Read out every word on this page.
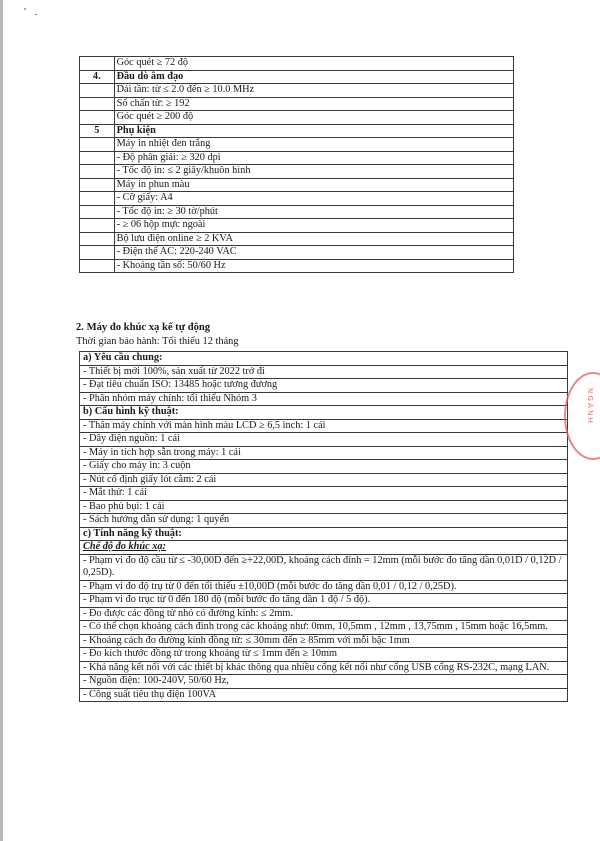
' .
	Góc quét ≥ 72 độ
4.	Đầu dò âm đạo
	Dải tần: từ ≤ 2.0 đến ≥ 10.0 MHz
	Số chấn tử: ≥ 192
	Góc quét ≥ 200 độ
5	Phụ kiện
	Máy in nhiệt đen trắng
	- Độ phân giải: ≥ 320 dpi
	- Tốc độ in: ≤ 2 giây/khuôn hình
	Máy in phun màu
	- Cỡ giấy: A4
	- Tốc độ in: ≥ 30 tờ/phút
	- ≥ 06 hộp mực ngoài
	Bộ lưu điện online ≥ 2 KVA
	- Điện thế AC: 220-240 VAC
	- Khoảng tần số: 50/60 Hz
2. Máy đo khúc xạ kế tự động
Thời gian bảo hành: Tối thiểu 12 tháng
a) Yêu cầu chung:
- Thiết bị mới 100%, sản xuất từ 2022 trở đi
- Đạt tiêu chuẩn ISO: 13485 hoặc tương đương
- Phân nhóm máy chính: tối thiểu Nhóm 3
b) Cấu hình kỹ thuật:
- Thân máy chính với màn hình màu LCD ≥ 6,5 inch: 1 cái
- Dây điện nguồn: 1 cái
- Máy in tích hợp sẵn trong máy: 1 cái
- Giấy cho máy in: 3 cuộn
- Nút cố định giấy lót cằm: 2 cái
- Mắt thử: 1 cái
- Bao phủ bụi: 1 cái
- Sách hướng dẫn sử dụng: 1 quyển
c) Tính năng kỹ thuật:
Chế độ đo khúc xạ:
- Phạm vi đo độ cầu từ ≤ -30,00D đến ≥+22,00D, khoảng cách đỉnh = 12mm (mỗi bước đo tăng dần 0,01D / 0,12D / 0,25D).
- Phạm vi đo độ trụ từ 0 đến tối thiểu ±10,00D (mỗi bước đo tăng dần 0,01 / 0,12 / 0,25D).
- Phạm vi đo trục từ 0 đến 180 độ (mỗi bước đo tăng dần 1 độ / 5 độ).
- Đo được các đồng tử nhỏ có đường kính: ≤ 2mm.
- Có thể chọn khoảng cách đỉnh trong các khoảng như: 0mm, 10,5mm , 12mm , 13,75mm , 15mm hoặc 16,5mm.
- Khoảng cách đo đường kính đồng tử: ≤ 30mm đến ≥ 85mm với mỗi bậc 1mm
- Đo kích thước đồng tử trong khoảng từ ≤ 1mm đến ≥ 10mm
- Khả năng kết nối với các thiết bị khác thông qua nhiều cổng kết nối như cổng USB cổng RS-232C, mạng LAN.
- Nguồn điện: 100-240V, 50/60 Hz,
- Công suất tiêu thụ điện 100VA
N G À N H
